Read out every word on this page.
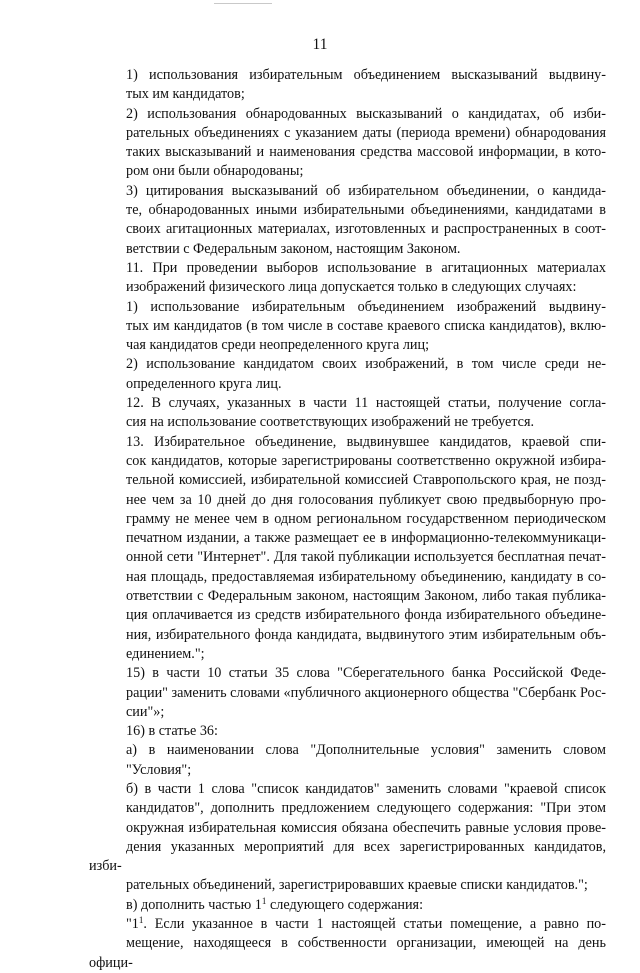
11

1) использования избирательным объединением высказываний выдвину-
тых им кандидатов;

2) использования обнародованных высказываний о кандидатах, об изби-
рательных объединениях с указанием даты (периода времени) обнародования
таких высказываний и наименования средства массовой информации, в кото-
ром они были обнародованы;

3) цитирования высказываний об избирательном объединении, о кандида-
те, обнародованных иными избирательными объединениями, кандидатами в
своих агитационных материалах, изготовленных и распространенных в соот-
ветствии с Федеральным законом, настоящим Законом.

11. При проведении выборов использование в агитационных материалах
изображений физического лица допускается только в следующих случаях:

1) использование избирательным объединением изображений выдвину-
тых им кандидатов (в том числе в составе краевого списка кандидатов), вклю-
чая кандидатов среди неопределенного круга лиц;

2) использование кандидатом своих изображений, в том числе среди не-
определенного круга лиц.

12. В случаях, указанных в части 11 настоящей статьи, получение согла-
сия на использование соответствующих изображений не требуется.

13. Избирательное объединение, выдвинувшее кандидатов, краевой спи-
сок кандидатов, которые зарегистрированы соответственно окружной избира-
тельной комиссией, избирательной комиссией Ставропольского края, не позд-
нее чем за 10 дней до дня голосования публикует свою предвыборную про-
грамму не менее чем в одном региональном государственном периодическом
печатном издании, а также размещает ее в информационно-телекоммуникаци-
онной сети "Интернет". Для такой публикации используется бесплатная печат-
ная площадь, предоставляемая избирательному объединению, кандидату в со-
ответствии с Федеральным законом, настоящим Законом, либо такая публика-
ция оплачивается из средств избирательного фонда избирательного объедине-
ния, избирательного фонда кандидата, выдвинутого этим избирательным объ-
единением.";

15) в части 10 статьи 35 слова "Сберегательного банка Российской Феде-
рации" заменить словами «публичного акционерного общества "Сбербанк Рос-
сии"»;

16) в статье 36:

а) в наименовании слова "Дополнительные условия" заменить словом
"Условия";

б) в части 1 слова "список кандидатов" заменить словами "краевой список
кандидатов", дополнить предложением следующего содержания: "При этом
окружная избирательная комиссия обязана обеспечить равные условия прове-
дения указанных мероприятий для всех зарегистрированных кандидатов, изби-
рательных объединений, зарегистрировавших краевые списки кандидатов.";

в) дополнить частью $1^1$ следующего содержания:

"$1^1$. Если указанное в части 1 настоящей статьи помещение, а равно по-
мещение, находящееся в собственности организации, имеющей на день офици-
